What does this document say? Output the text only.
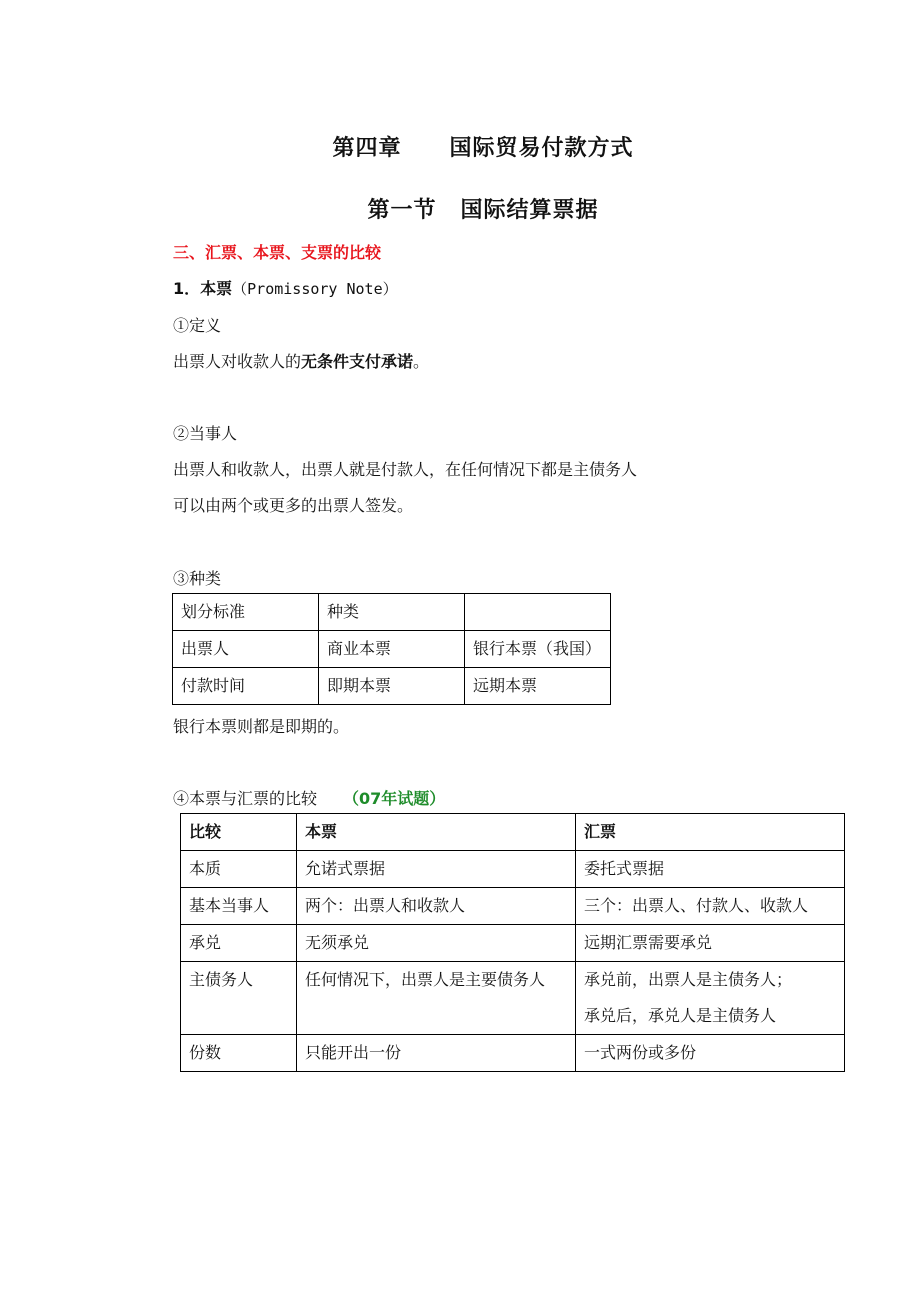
第四章 国际贸易付款方式
第一节 国际结算票据
三、汇票、本票、支票的比较
1．本票（Promissory Note）
①定义
出票人对收款人的无条件支付承诺。
②当事人
出票人和收款人，出票人就是付款人，在任何情况下都是主债务人
可以由两个或更多的出票人签发。
③种类
划分标准	种类	
出票人	商业本票	银行本票（我国）
付款时间	即期本票	远期本票
银行本票则都是即期的。
④本票与汇票的比较 （07年试题）
比较	本票	汇票
本质	允诺式票据	委托式票据
基本当事人	两个：出票人和收款人	三个：出票人、付款人、收款人
承兑	无须承兑	远期汇票需要承兑
主债务人	任何情况下，出票人是主要债务人	承兑前，出票人是主债务人；
承兑后，承兑人是主债务人

份数	只能开出一份	一式两份或多份
